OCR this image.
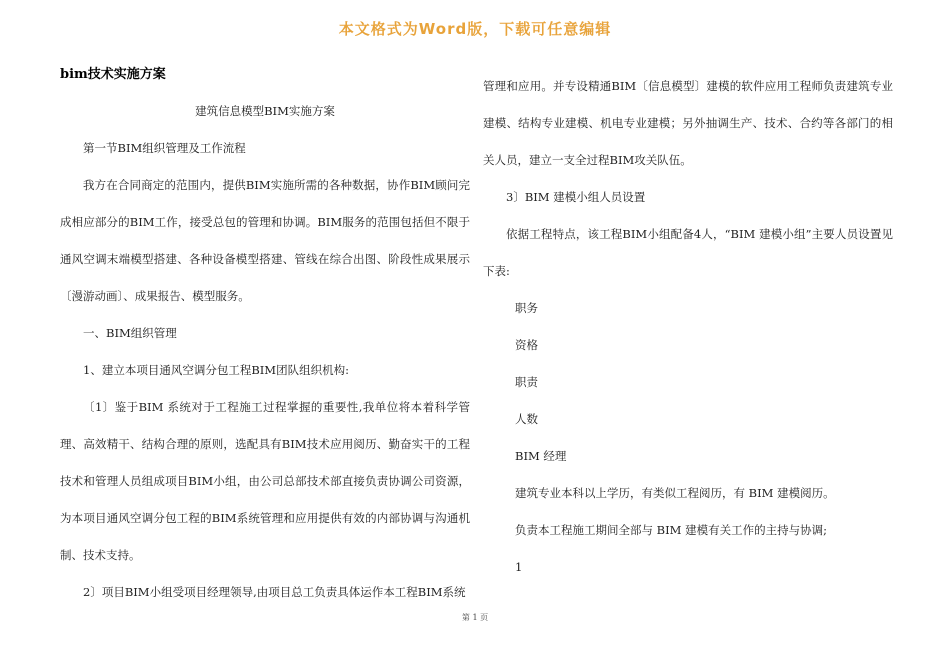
本文格式为Word版，下载可任意编辑
bim技术实施方案

建筑信息模型BIM实施方案

第一节BIM组织管理及工作流程

我方在合同商定的范围内，提供BIM实施所需的各种数据，协作BIM顾问完成相应部分的BIM工作，接受总包的管理和协调。BIM服务的范围包括但不限于通风空调末端模型搭建、各种设备模型搭建、管线在综合出图、阶段性成果展示〔漫游动画〕、成果报告、模型服务。

一、BIM组织管理

1、建立本项目通风空调分包工程BIM团队组织机构:

〔1〕鉴于BIM 系统对于工程施工过程掌握的重要性,我单位将本着科学管理、高效精干、结构合理的原则，选配具有BIM技术应用阅历、勤奋实干的工程技术和管理人员组成项目BIM小组，由公司总部技术部直接负责协调公司资源，为本项目通风空调分包工程的BIM系统管理和应用提供有效的内部协调与沟通机制、技术支持。

2〕项目BIM小组受项目经理领导,由项目总工负责具体运作本工程BIM系统

管理和应用。并专设精通BIM〔信息模型〕建模的软件应用工程师负责建筑专业建模、结构专业建模、机电专业建模；另外抽调生产、技术、合约等各部门的相关人员，建立一支全过程BIM攻关队伍。

3〕BIM 建模小组人员设置

依据工程特点，该工程BIM小组配备4人，“BIM 建模小组”主要人员设置见下表:

职务

资格

职责

人数

BIM 经理

建筑专业本科以上学历，有类似工程阅历，有 BIM 建模阅历。

负责本工程施工期间全部与 BIM 建模有关工作的主持与协调;

1

第 1 页
